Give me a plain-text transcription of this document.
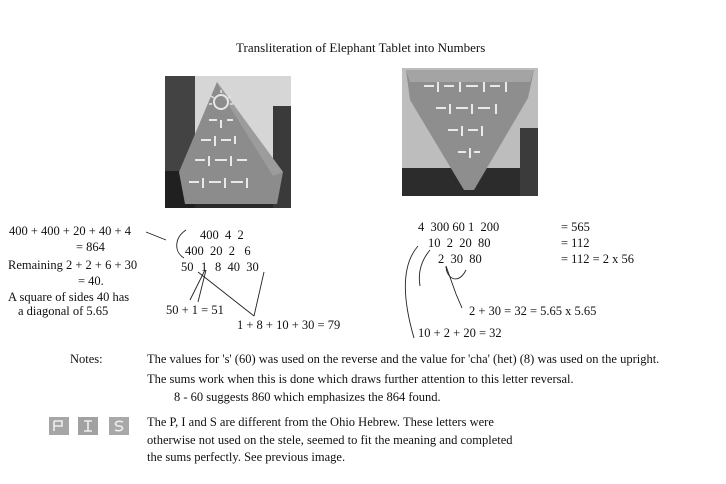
Transliteration of Elephant Tablet into Numbers
400 + 400 + 20 + 40 + 4
= 864
Remaining 2 + 2 + 6 + 30
= 40.
A square of sides 40 has
a diagonal of 5.65
400  4  2
400  20  2   6
50 1 8  40  30
50 + 1 = 51
1 + 8 + 10 + 30 = 79
4  300 60 1  200
10  2  20  80
2  30  80
= 565
= 112
= 112 = 2 x 56
2 + 30 = 32 = 5.65 x 5.65
10 + 2 + 20 = 32
Notes:	The values for 's' (60) was used on the reverse and the value for 'cha' (het) (8) was used on the upright.
The sums work when this is done which draws further attention to this letter reversal.
8 - 60 suggests 860 which emphasizes the 864 found.
The P, I and S are different from the Ohio Hebrew. These letters were
otherwise not used on the stele, seemed to fit the meaning and completed
the sums perfectly. See previous image.
